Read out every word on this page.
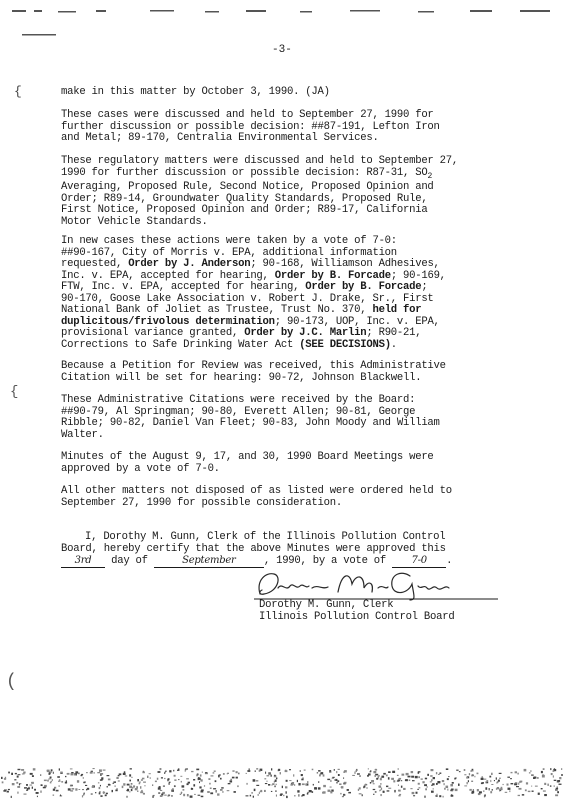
-3-
{
{
(

make in this matter by October 3, 1990. (JA)

These cases were discussed and held to September 27, 1990 for

further discussion or possible decision: ##87-191, Lefton Iron

and Metal; 89-170, Centralia Environmental Services.

These regulatory matters were discussed and held to September 27,

1990 for further discussion or possible decision: R87-31, $SO_2$

Averaging, Proposed Rule, Second Notice, Proposed Opinion and

Order; R89-14, Groundwater Quality Standards, Proposed Rule,

First Notice, Proposed Opinion and Order; R89-17, California

Motor Vehicle Standards.

In new cases these actions were taken by a vote of 7-0:

##90-167, City of Morris v. EPA, additional information

requested, Order by J. Anderson; 90-168, Williamson Adhesives,

Inc. v. EPA, accepted for hearing, Order by B. Forcade; 90-169,

FTW, Inc. v. EPA, accepted for hearing, Order by B. Forcade;

90-170, Goose Lake Association v. Robert J. Drake, Sr., First

National Bank of Joliet as Trustee, Trust No. 370, held for

duplicitous/frivolous determination; 90-173, UOP, Inc. v. EPA,

provisional variance granted, Order by J.C. Marlin; R90-21,

Corrections to Safe Drinking Water Act (SEE DECISIONS).

Because a Petition for Review was received, this Administrative

Citation will be set for hearing: 90-72, Johnson Blackwell.

These Administrative Citations were received by the Board:

##90-79, Al Springman; 90-80, Everett Allen; 90-81, George

Ribble; 90-82, Daniel Van Fleet; 90-83, John Moody and William

Walter.

Minutes of the August 9, 17, and 30, 1990 Board Meetings were

approved by a vote of 7-0.

All other matters not disposed of as listed were ordered held to

September 27, 1990 for possible consideration.

I, Dorothy M. Gunn, Clerk of the Illinois Pollution Control

Board, hereby certify that the above Minutes were approved this

3rd day of	September	, 1990, by a vote of	7-0 .

Dorothy M. Gunn, Clerk

Illinois Pollution Control Board
